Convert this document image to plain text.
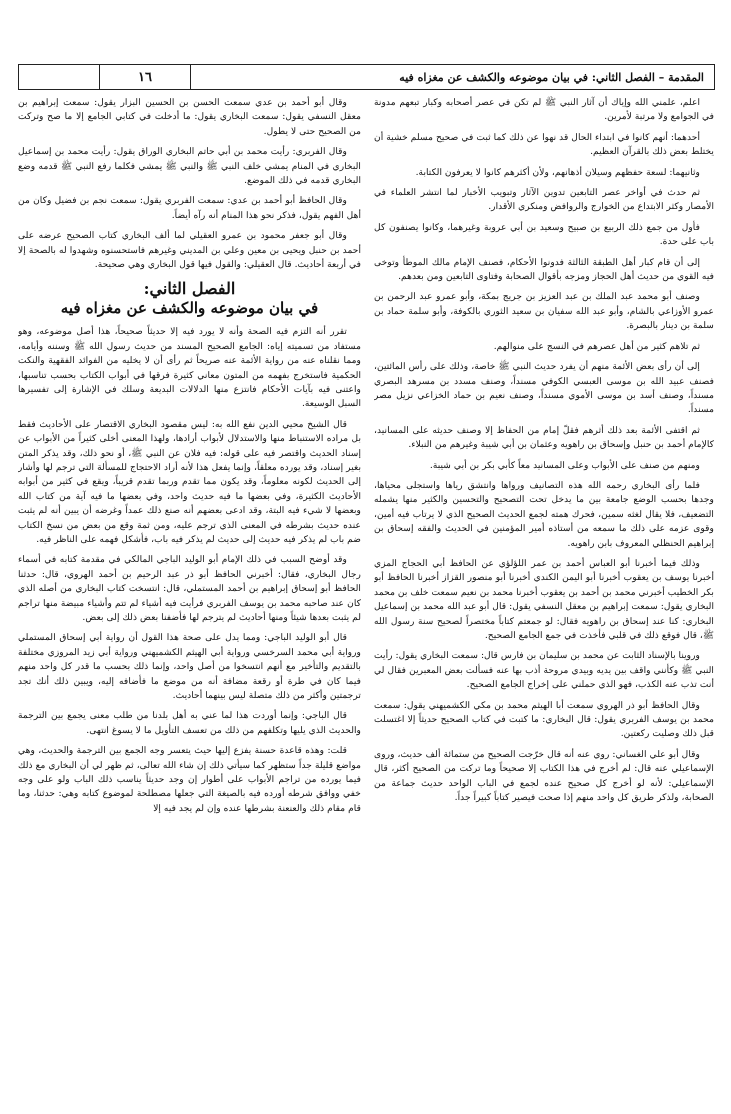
المقدمة – الفصل الثاني: في بيان موضوعه والكشف عن مغزاه فيه
١٦

اعلم، علمني الله وإياك أن آثار النبي ﷺ لم تكن في عصر أصحابه وكبار تبعهم مدونة في الجوامع ولا مرتبة لأمرين.

أحدهما: أنهم كانوا في ابتداء الحال قد نهوا عن ذلك كما ثبت في صحيح مسلم خشية أن يختلط بعض ذلك بالقرآن العظيم.

وثانيهما: لسعة حفظهم وسيلان أذهانهم، ولأن أكثرهم كانوا لا يعرفون الكتابة.

ثم حدث في أواخر عصر التابعين تدوين الآثار وتبويب الأخبار لما انتشر العلماء في الأمصار وكثر الابتداع من الخوارج والروافض ومنكري الأقدار.

فأول من جمع ذلك الربيع بن صبيح وسعيد بن أبي عروبة وغيرهما، وكانوا يصنفون كل باب على حدة.

إلى أن قام كبار أهل الطبقة الثالثة فدونوا الأحكام، فصنف الإمام مالك الموطأ وتوخى فيه القوي من حديث أهل الحجاز ومزجه بأقوال الصحابة وفتاوى التابعين ومن بعدهم.

وصنف أبو محمد عبد الملك بن عبد العزيز بن جريج بمكة، وأبو عمرو عبد الرحمن بن عمرو الأوزاعي بالشام، وأبو عبد الله سفيان بن سعيد الثوري بالكوفة، وأبو سلمة حماد بن سلمة بن دينار بالبصرة.

ثم تلاهم كثير من أهل عصرهم في النسج على منوالهم.

إلى أن رأى بعض الأئمة منهم أن يفرد حديث النبي ﷺ خاصة، وذلك على رأس المائتين، فصنف عبيد الله بن موسى العبسي الكوفي مسنداً، وصنف مسدد بن مسرهد البصري مسنداً، وصنف أسد بن موسى الأموي مسنداً، وصنف نعيم بن حماد الخزاعي نزيل مصر مسنداً.

ثم اقتفى الأئمة بعد ذلك أثرهم فقلّ إمام من الحفاظ إلا وصنف حديثه على المسانيد، كالإمام أحمد بن حنبل وإسحاق بن راهويه وعثمان بن أبي شيبة وغيرهم من النبلاء.

ومنهم من صنف على الأبواب وعلى المسانيد معاً كأبي بكر بن أبي شيبة.

فلما رأى البخاري رحمه الله هذه التصانيف ورواها وانتشق رياها واستجلى محياها، وجدها بحسب الوضع جامعة بين ما يدخل تحت التصحيح والتحسين والكثير منها يشمله التضعيف، فلا يقال لغثه سمين، فحرك همته لجمع الحديث الصحيح الذي لا يرتاب فيه أمين، وقوى عزمه على ذلك ما سمعه من أستاذه أمير المؤمنين في الحديث والفقه إسحاق بن إبراهيم الحنظلي المعروف بابن راهويه.

وذلك فيما أخبرنا أبو العباس أحمد بن عمر اللؤلؤي عن الحافظ أبي الحجاج المزي أخبرنا يوسف بن يعقوب أخبرنا أبو اليمن الكندي أخبرنا أبو منصور القزاز أخبرنا الحافظ أبو بكر الخطيب أخبرني محمد بن أحمد بن يعقوب أخبرنا محمد بن نعيم سمعت خلف بن محمد البخاري يقول: سمعت إبراهيم بن معقل النسفي يقول: قال أبو عبد الله محمد بن إسماعيل البخاري: كنا عند إسحاق بن راهويه فقال: لو جمعتم كتاباً مختصراً لصحيح سنة رسول الله ﷺ، قال فوقع ذلك في قلبي فأخذت في جمع الجامع الصحيح.

وروينا بالإسناد الثابت عن محمد بن سليمان بن فارس قال: سمعت البخاري يقول: رأيت النبي ﷺ وكأنني واقف بين يديه وبيدي مروحة أذب بها عنه فسألت بعض المعبرين فقال لي أنت تذب عنه الكذب، فهو الذي حملني على إخراج الجامع الصحيح.

وقال الحافظ أبو ذر الهروي سمعت أبا الهيثم محمد بن مكي الكشميهني يقول: سمعت محمد بن يوسف الفربري يقول: قال البخاري: ما كتبت في كتاب الصحيح حديثاً إلا اغتسلت قبل ذلك وصليت ركعتين.

وقال أبو علي الغساني: روي عنه أنه قال خرّجت الصحيح من ستمائة ألف حديث، وروى الإسماعيلي عنه قال: لم أخرج في هذا الكتاب إلا صحيحاً وما تركت من الصحيح أكثر، قال الإسماعيلي: لأنه لو أخرج كل صحيح عنده لجمع في الباب الواحد حديث جماعة من الصحابة، ولذكر طريق كل واحد منهم إذا صحت فيصير كتاباً كبيراً جداً.

وقال أبو أحمد بن عدي سمعت الحسن بن الحسين البزار يقول: سمعت إبراهيم بن معقل النسفي يقول: سمعت البخاري يقول: ما أدخلت في كتابي الجامع إلا ما صح وتركت من الصحيح حتى لا يطول.

وقال الفربري: رأيت محمد بن أبي حاتم البخاري الوراق يقول: رأيت محمد بن إسماعيل البخاري في المنام يمشي خلف النبي ﷺ والنبي ﷺ يمشي فكلما رفع النبي ﷺ قدمه وضع البخاري قدمه في ذلك الموضع.

وقال الحافظ أبو أحمد بن عدي: سمعت الفربري يقول: سمعت نجم بن فضيل وكان من أهل الفهم يقول، فذكر نحو هذا المنام أنه رآه أيضاً.

وقال أبو جعفر محمود بن عمرو العقيلي لما ألف البخاري كتاب الصحيح عرضه على أحمد بن حنبل ويحيى بن معين وعلي بن المديني وغيرهم فاستحسنوه وشهدوا له بالصحة إلا في أربعة أحاديث. قال العقيلي: والقول فيها قول البخاري وهي صحيحة.

الفصل الثاني:
في بيان موضوعه والكشف عن مغزاه فيه

تقرر أنه التزم فيه الصحة وأنه لا يورد فيه إلا حديثاً صحيحاً، هذا أصل موضوعه، وهو مستفاد من تسميته إياه: الجامع الصحيح المسند من حديث رسول الله ﷺ وسننه وأيامه، ومما نقلناه عنه من رواية الأئمة عنه صريحاً ثم رأى أن لا يخليه من الفوائد الفقهية والنكت الحكمية فاستخرج بفهمه من المتون معاني كثيرة فرقها في أبواب الكتاب بحسب تناسبها، واعتنى فيه بآيات الأحكام فانتزع منها الدلالات البديعة وسلك في الإشارة إلى تفسيرها السبل الوسيعة.

قال الشيخ محيي الدين نفع الله به: ليس مقصود البخاري الاقتصار على الأحاديث فقط بل مراده الاستنباط منها والاستدلال لأبواب أرادها، ولهذا المعنى أخلى كثيراً من الأبواب عن إسناد الحديث واقتصر فيه على قوله: فيه فلان عن النبي ﷺ، أو نحو ذلك، وقد يذكر المتن بغير إسناد، وقد يورده معلقاً، وإنما يفعل هذا لأنه أراد الاحتجاج للمسألة التي ترجم لها وأشار إلى الحديث لكونه معلوماً، وقد يكون مما تقدم وربما تقدم قريباً، ويقع في كثير من أبوابه الأحاديث الكثيرة، وفي بعضها ما فيه حديث واحد، وفي بعضها ما فيه آية من كتاب الله وبعضها لا شيء فيه البتة، وقد ادعى بعضهم أنه صنع ذلك عمداً وغرضه أن يبين أنه لم يثبت عنده حديث بشرطه في المعنى الذي ترجم عليه، ومن ثمة وقع من بعض من نسخ الكتاب ضم باب لم يذكر فيه حديث إلى حديث لم يذكر فيه باب، فأشكل فهمه على الناظر فيه.

وقد أوضح السبب في ذلك الإمام أبو الوليد الباجي المالكي في مقدمة كتابه في أسماء رجال البخاري، فقال: أخبرني الحافظ أبو ذر عبد الرحيم بن أحمد الهروي، قال: حدثنا الحافظ أبو إسحاق إبراهيم بن أحمد المستملي، قال: انتسخت كتاب البخاري من أصله الذي كان عند صاحبه محمد بن يوسف الفربري فرأيت فيه أشياء لم تتم وأشياء مبيضة منها تراجم لم يثبت بعدها شيئاً ومنها أحاديث لم يترجم لها فأضفنا بعض ذلك إلى بعض.

قال أبو الوليد الباجي: ومما يدل على صحة هذا القول أن رواية أبي إسحاق المستملي ورواية أبي محمد السرخسي ورواية أبي الهيثم الكشميهني ورواية أبي زيد المروزي مختلفة بالتقديم والتأخير مع أنهم انتسخوا من أصل واحد، وإنما ذلك بحسب ما قدر كل واحد منهم فيما كان في طرة أو رقعة مضافة أنه من موضع ما فأضافه إليه، ويبين ذلك أنك تجد ترجمتين وأكثر من ذلك متصلة ليس بينهما أحاديث.

قال الباجي: وإنما أوردت هذا لما عني به أهل بلدنا من طلب معنى يجمع بين الترجمة والحديث الذي يليها وتكلفهم من ذلك من تعسف التأويل ما لا يسوغ انتهى.

قلت: وهذه قاعدة حسنة يفزع إليها حيث يتعسر وجه الجمع بين الترجمة والحديث، وهي مواضع قليلة جداً ستظهر كما سيأتي ذلك إن شاء الله تعالى، ثم ظهر لي أن البخاري مع ذلك فيما يورده من تراجم الأبواب على أطوار إن وجد حديثاً يناسب ذلك الباب ولو على وجه خفي ووافق شرطه أورده فيه بالصيغة التي جعلها مصطلحة لموضوع كتابه وهي: حدثنا، وما قام مقام ذلك والعنعنة بشرطها عنده وإن لم يجد فيه إلا
